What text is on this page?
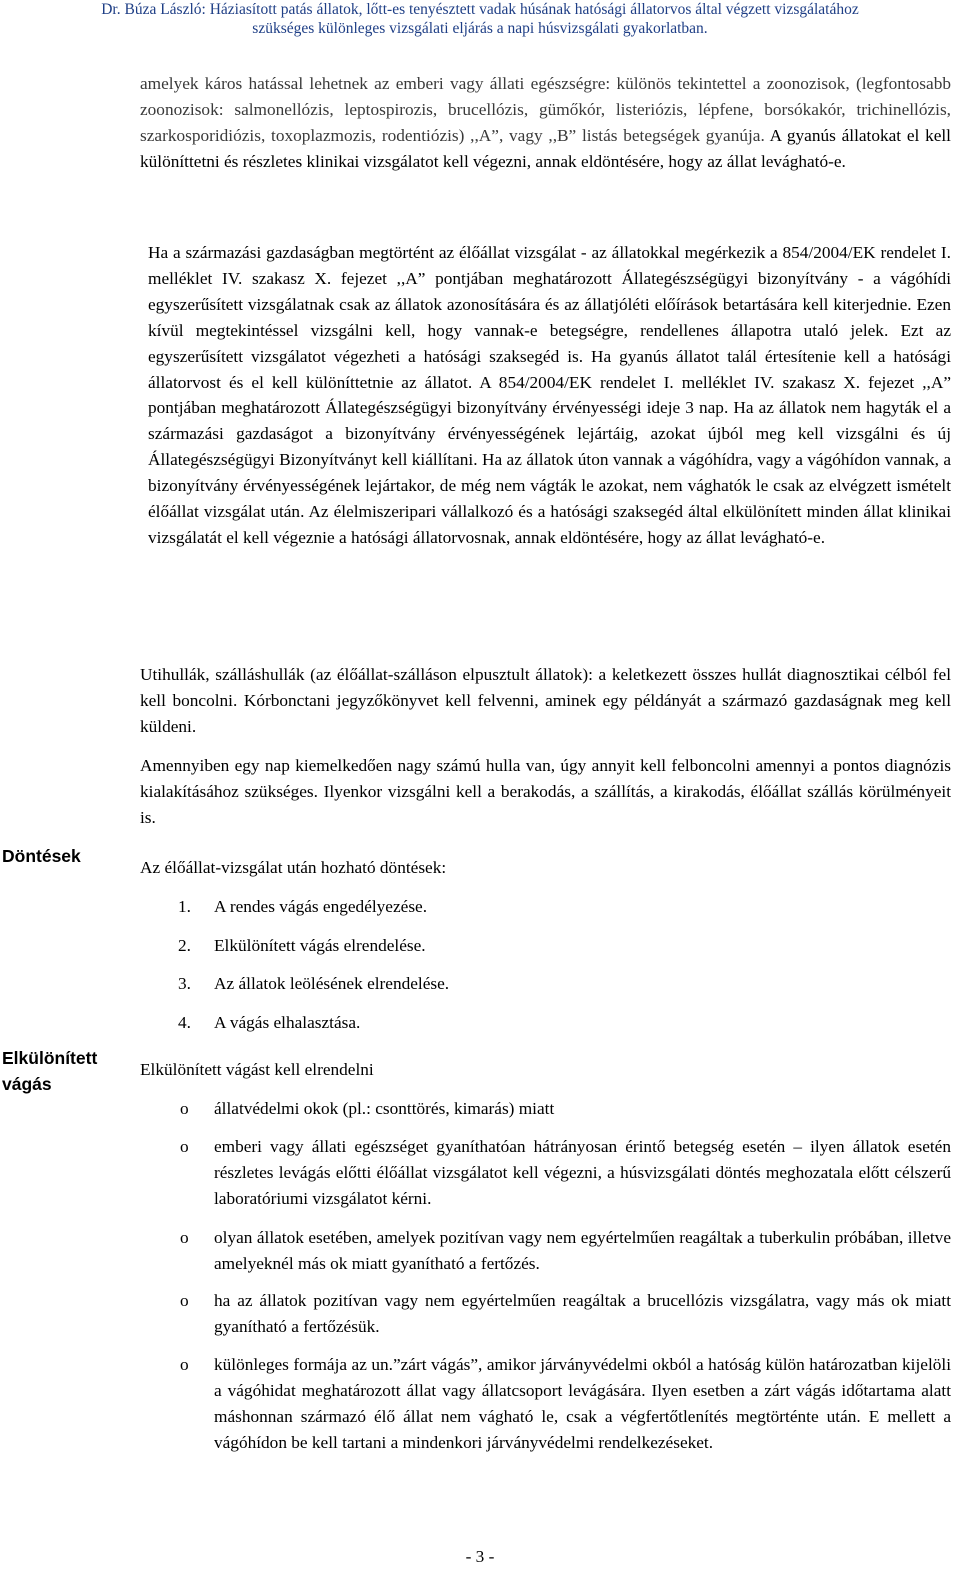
Dr. Búza László: Háziasított patás állatok, lőtt-es tenyésztett vadak húsának hatósági állatorvos által végzett vizsgálatához
szükséges különleges vizsgálati eljárás a napi húsvizsgálati gyakorlatban.

amelyek káros hatással lehetnek az emberi vagy állati egészségre: különös tekintettel a zoonozisok, (legfontosabb zoonozisok: salmonellózis, leptospirozis, brucellózis, gümőkór, listeriózis, lépfene, borsókakór, trichinellózis, szarkosporidiózis, toxoplazmozis, rodentiózis) ,,A”, vagy ,,B” listás betegségek gyanúja. A gyanús állatokat el kell különíttetni és részletes klinikai vizsgálatot kell végezni, annak eldöntésére, hogy az állat levágható-e.

Ha a származási gazdaságban megtörtént az élőállat vizsgálat - az állatokkal megérkezik a 854/2004/EK rendelet I. melléklet IV. szakasz X. fejezet ,,A” pontjában meghatározott Állategészségügyi bizonyítvány - a vágóhídi egyszerűsített vizsgálatnak csak az állatok azonosítására és az állatjóléti előírások betartására kell kiterjednie. Ezen kívül megtekintéssel vizsgálni kell, hogy vannak-e betegségre, rendellenes állapotra utaló jelek. Ezt az egyszerűsített vizsgálatot végezheti a hatósági szaksegéd is. Ha gyanús állatot talál értesítenie kell a hatósági állatorvost és el kell különíttetnie az állatot. A 854/2004/EK rendelet I. melléklet IV. szakasz X. fejezet ,,A” pontjában meghatározott Állategészségügyi bizonyítvány érvényességi ideje 3 nap. Ha az állatok nem hagyták el a származási gazdaságot a bizonyítvány érvényességének lejártáig, azokat újból meg kell vizsgálni és új Állategészségügyi Bizonyítványt kell kiállítani. Ha az állatok úton vannak a vágóhídra, vagy a vágóhídon vannak, a bizonyítvány érvényességének lejártakor, de még nem vágták le azokat, nem vághatók le csak az elvégzett ismételt élőállat vizsgálat után. Az élelmiszeripari vállalkozó és a hatósági szaksegéd által elkülönített minden állat klinikai vizsgálatát el kell végeznie a hatósági állatorvosnak, annak eldöntésére, hogy az állat levágható-e.

Utihullák, szálláshullák (az élőállat-szálláson elpusztult állatok): a keletkezett összes hullát diagnosztikai célból fel kell boncolni. Kórbonctani jegyzőkönyvet kell felvenni, aminek egy példányát a származó gazdaságnak meg kell küldeni.

Amennyiben egy nap kiemelkedően nagy számú hulla van, úgy annyit kell felboncolni amennyi a pontos diagnózis kialakításához szükséges. Ilyenkor vizsgálni kell a berakodás, a szállítás, a kirakodás, élőállat szállás körülményeit is.

Döntések

Az élőállat-vizsgálat után hozható döntések:

1. A rendes vágás engedélyezése.
2. Elkülönített vágás elrendelése.
3. Az állatok leölésének elrendelése.
4. A vágás elhalasztása.
Elkülönített
vágás

Elkülönített vágást kell elrendelni

o állatvédelmi okok (pl.: csonttörés, kimarás) miatt
o emberi vagy állati egészséget gyaníthatóan hátrányosan érintő betegség esetén – ilyen állatok esetén részletes levágás előtti élőállat vizsgálatot kell végezni, a húsvizsgálati döntés meghozatala előtt célszerű laboratóriumi vizsgálatot kérni.
o olyan állatok esetében, amelyek pozitívan vagy nem egyértelműen reagáltak a tuberkulin próbában, illetve amelyeknél más ok miatt gyanítható a fertőzés.
o ha az állatok pozitívan vagy nem egyértelműen reagáltak a brucellózis vizsgálatra, vagy más ok miatt gyanítható a fertőzésük.
o különleges formája az un.”zárt vágás”, amikor járványvédelmi okból a hatóság külön határozatban kijelöli a vágóhidat meghatározott állat vagy állatcsoport levágására. Ilyen esetben a zárt vágás időtartama alatt máshonnan származó élő állat nem vágható le, csak a végfertőtlenítés megtörténte után. E mellett a vágóhídon be kell tartani a mindenkori járványvédelmi rendelkezéseket.
- 3 -
